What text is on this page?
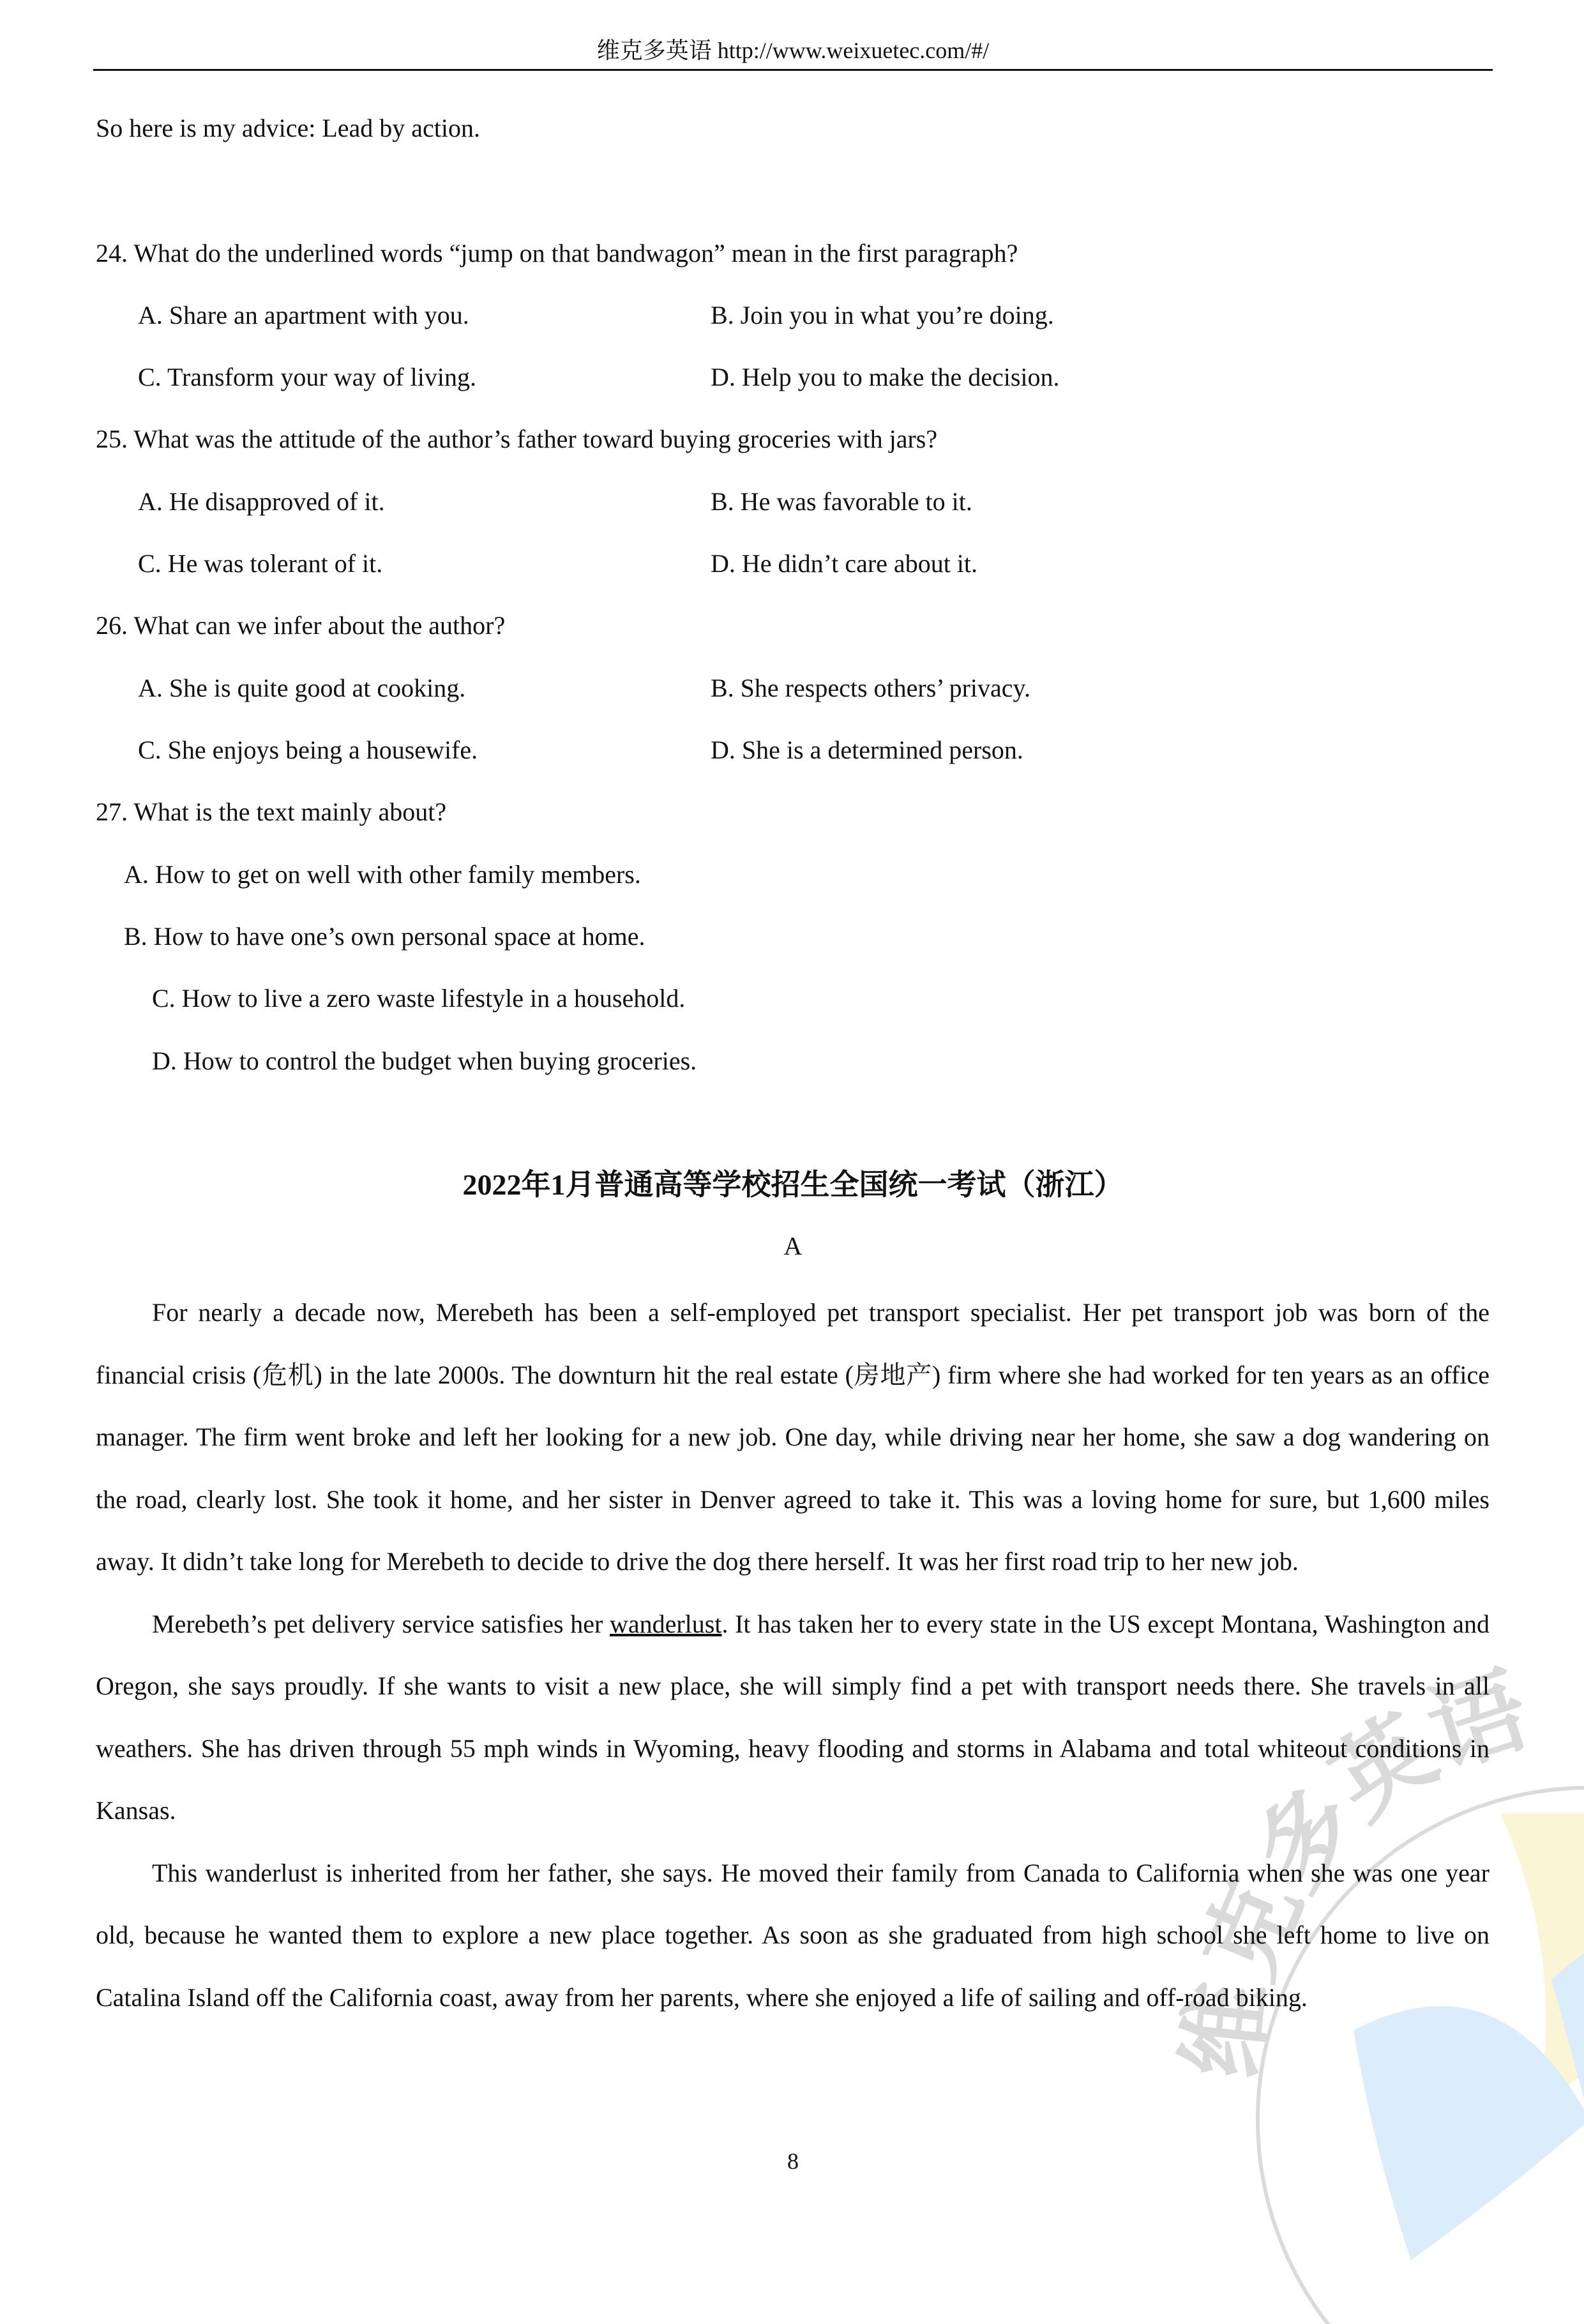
维克多英语 http://www.weixuetec.com/#/
So here is my advice: Lead by action.
24. What do the underlined words “jump on that bandwagon” mean in the first paragraph?
A. Share an apartment with you.	B. Join you in what you’re doing.
C. Transform your way of living.	D. Help you to make the decision.
25. What was the attitude of the author’s father toward buying groceries with jars?
A. He disapproved of it.	B. He was favorable to it.
C. He was tolerant of it.	D. He didn’t care about it.
26. What can we infer about the author?
A. She is quite good at cooking.	B. She respects others’ privacy.
C. She enjoys being a housewife.	D. She is a determined person.
27. What is the text mainly about?
A. How to get on well with other family members.
B. How to have one’s own personal space at home.
C. How to live a zero waste lifestyle in a household.
D. How to control the budget when buying groceries.
维克多英语
2022年1月普通高等学校招生全国统一考试（浙江）
A

For nearly a decade now, Merebeth has been a self-employed pet transport specialist. Her pet transport job was born of the financial crisis (危机) in the late 2000s. The downturn hit the real estate (房地产) firm where she had worked for ten years as an office manager. The firm went broke and left her looking for a new job. One day, while driving near her home, she saw a dog wandering on the road, clearly lost. She took it home, and her sister in Denver agreed to take it. This was a loving home for sure, but 1,600 miles away. It didn’t take long for Merebeth to decide to drive the dog there herself. It was her first road trip to her new job.

Merebeth’s pet delivery service satisfies her wanderlust. It has taken her to every state in the US except Montana, Washington and Oregon, she says proudly. If she wants to visit a new place, she will simply find a pet with transport needs there. She travels in all weathers. She has driven through 55 mph winds in Wyoming, heavy flooding and storms in Alabama and total whiteout conditions in Kansas.

This wanderlust is inherited from her father, she says. He moved their family from Canada to California when she was one year old, because he wanted them to explore a new place together. As soon as she graduated from high school she left home to live on Catalina Island off the California coast, away from her parents, where she enjoyed a life of sailing and off-road biking.

8
